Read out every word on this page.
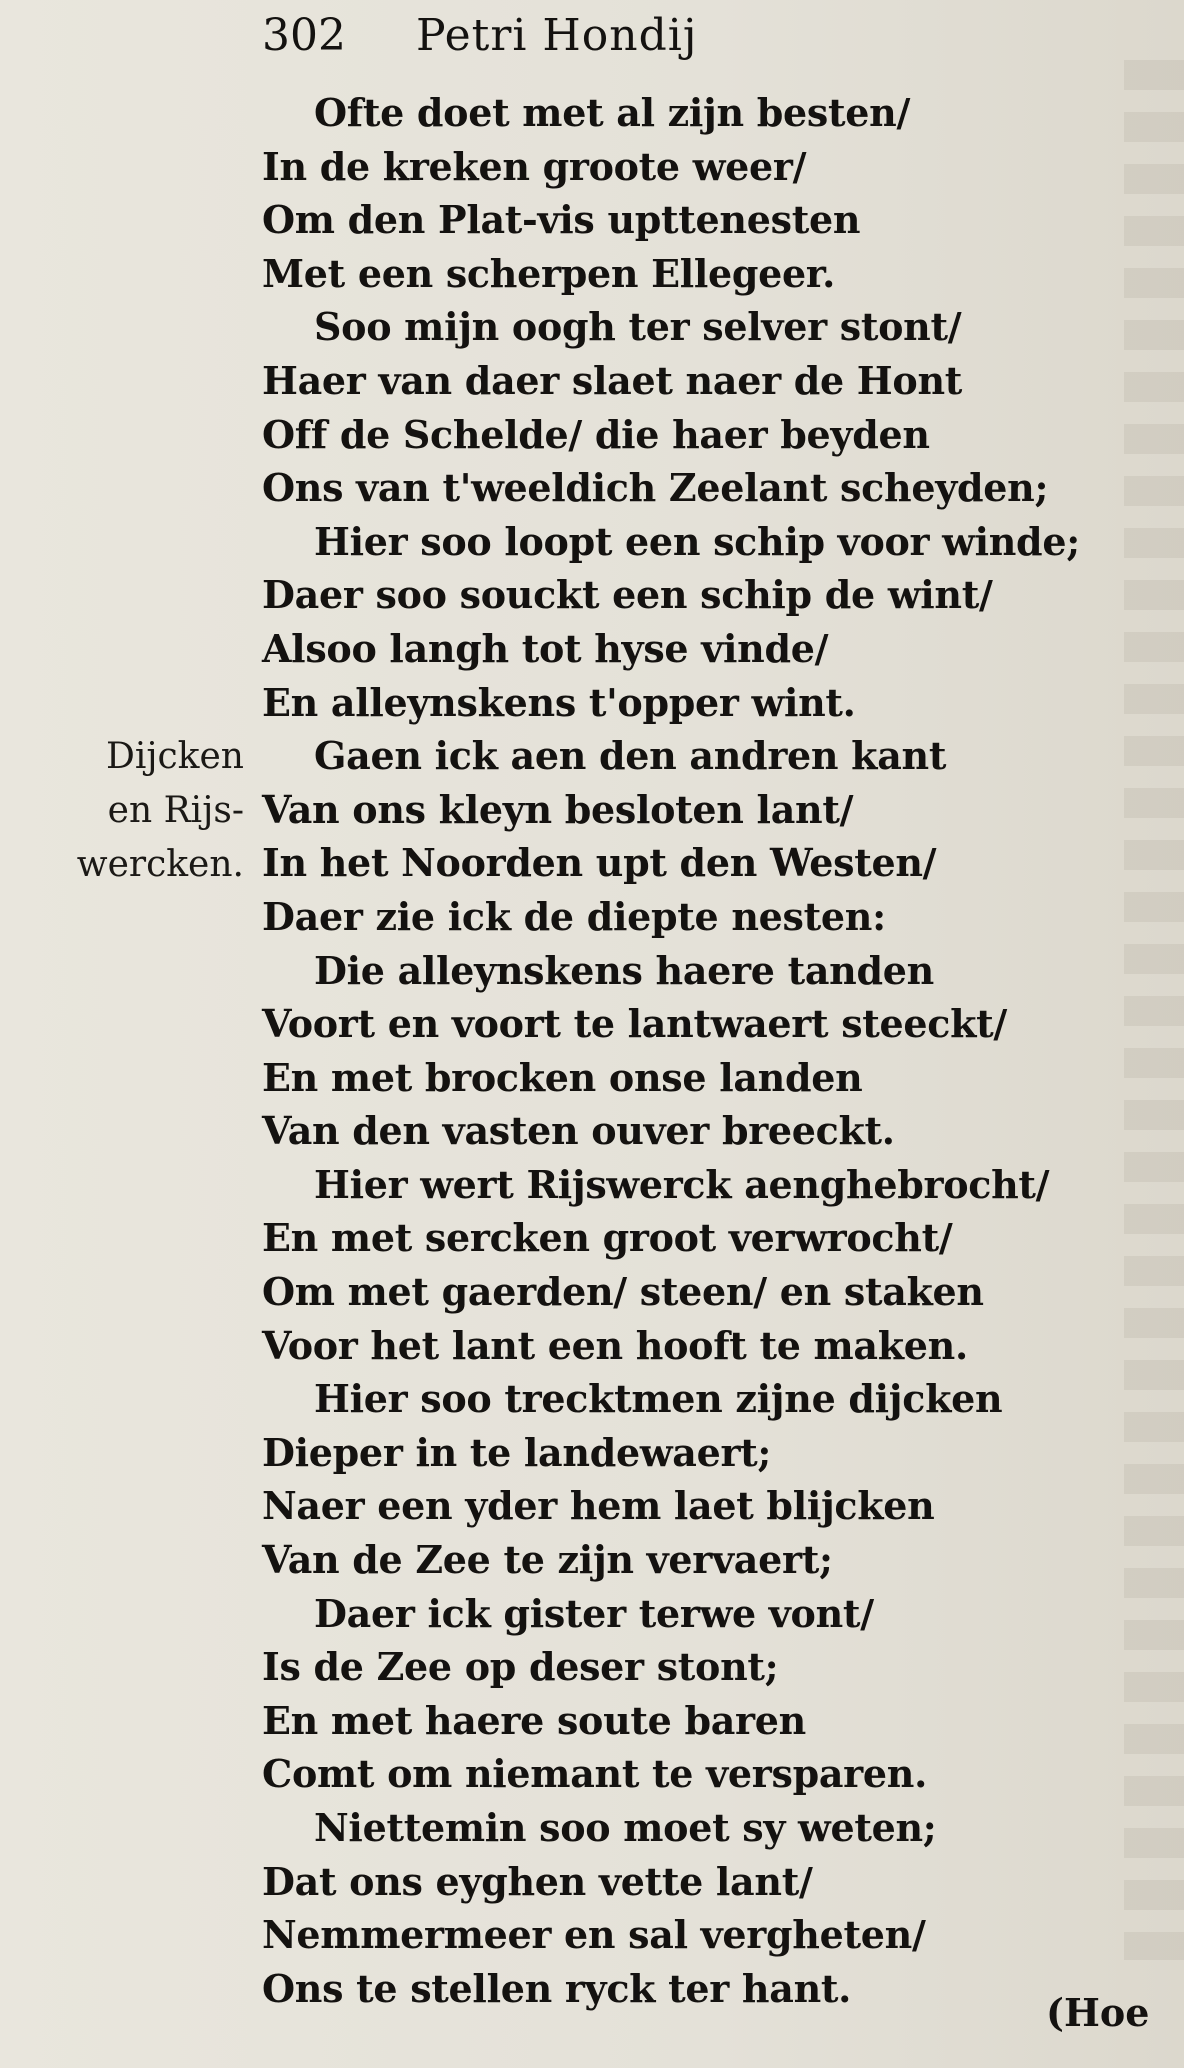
302 Petri Hondij
Dijcken
en Rijs-
wercken.
Ofte doet met al zijn besten/
In de kreken groote weer/
Om den Plat-vis upttenesten
Met een scherpen Ellegeer.
Soo mijn oogh ter selver stont/
Haer van daer slaet naer de Hont
Off de Schelde/ die haer beyden
Ons van t'weeldich Zeelant scheyden;
Hier soo loopt een schip voor winde;
Daer soo souckt een schip de wint/
Alsoo langh tot hyse vinde/
En alleynskens t'opper wint.
Gaen ick aen den andren kant
Van ons kleyn besloten lant/
In het Noorden upt den Westen/
Daer zie ick de diepte nesten:
Die alleynskens haere tanden
Voort en voort te lantwaert steeckt/
En met brocken onse landen
Van den vasten ouver breeckt.
Hier wert Rijswerck aenghebrocht/
En met sercken groot verwrocht/
Om met gaerden/ steen/ en staken
Voor het lant een hooft te maken.
Hier soo trecktmen zijne dijcken
Dieper in te landewaert;
Naer een yder hem laet blijcken
Van de Zee te zijn vervaert;
Daer ick gister terwe vont/
Is de Zee op deser stont;
En met haere soute baren
Comt om niemant te versparen.
Niettemin soo moet sy weten;
Dat ons eyghen vette lant/
Nemmermeer en sal vergheten/
Ons te stellen ryck ter hant.
(Hoe
